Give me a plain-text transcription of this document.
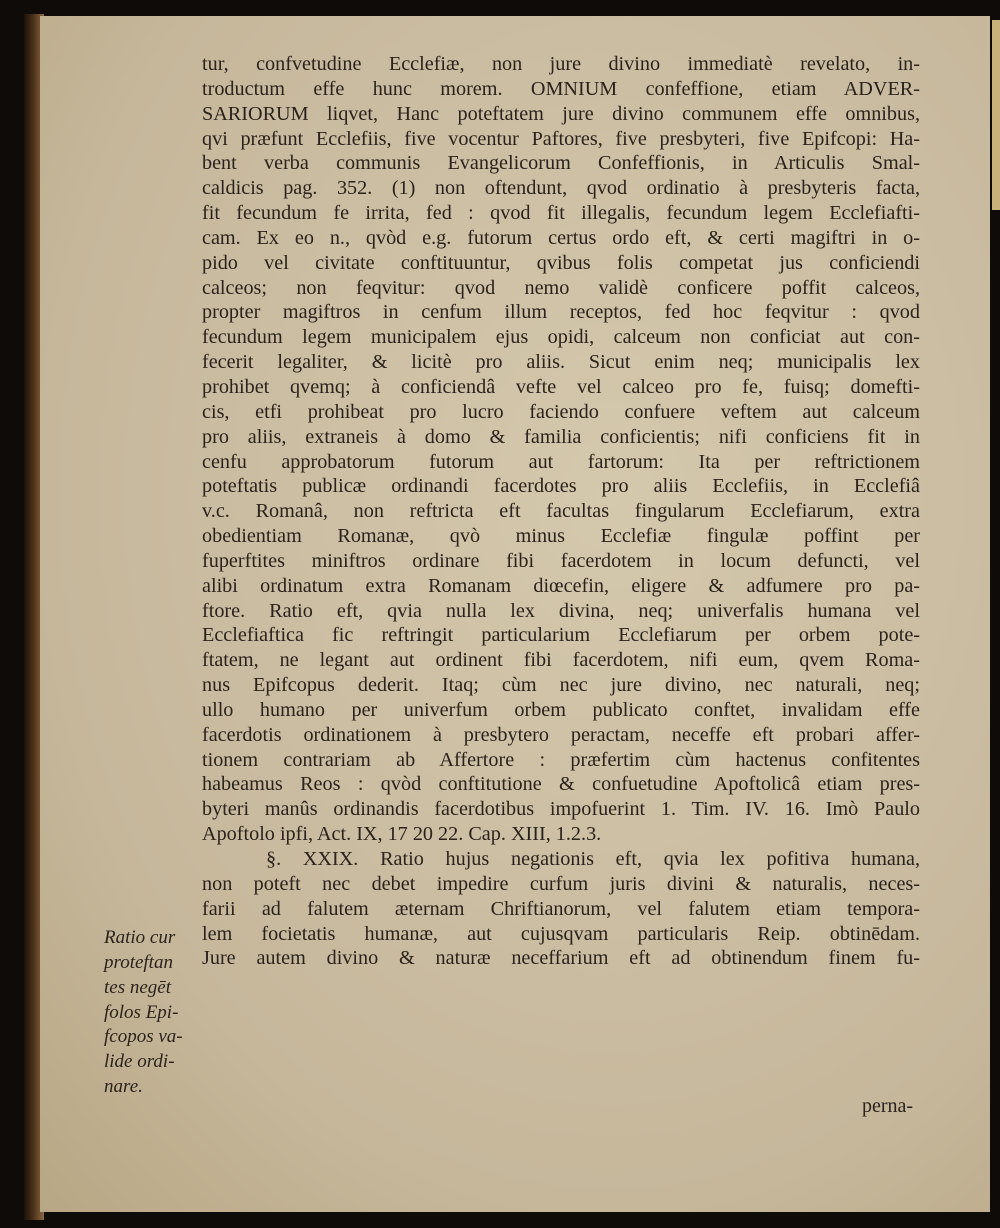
tur, confvetudine Ecclefiæ, non jure divino immediatè revelato, in-
troductum effe hunc morem. OMNIUM confeffione, etiam ADVER-
SARIORUM liqvet, Hanc poteftatem jure divino communem effe omnibus,
qvi præfunt Ecclefiis, five vocentur Paftores, five presbyteri, five Epifcopi: Ha-
bent verba communis Evangelicorum Confeffionis, in Articulis Smal-
caldicis pag. 352. (1) non oftendunt, qvod ordinatio à presbyteris facta,
fit fecundum fe irrita, fed : qvod fit illegalis, fecundum legem Ecclefiafti-
cam. Ex eo n., qvòd e.g. futorum certus ordo eft, & certi magiftri in o-
pido vel civitate conftituuntur, qvibus folis competat jus conficiendi
calceos; non feqvitur: qvod nemo validè conficere poffit calceos,
propter magiftros in cenfum illum receptos, fed hoc feqvitur : qvod
fecundum legem municipalem ejus opidi, calceum non conficiat aut con-
fecerit legaliter, & licitè pro aliis. Sicut enim neq; municipalis lex
prohibet qvemq; à conficiendâ vefte vel calceo pro fe, fuisq; domefti-
cis, etfi prohibeat pro lucro faciendo confuere veftem aut calceum
pro aliis, extraneis à domo & familia conficientis; nifi conficiens fit in
cenfu approbatorum futorum aut fartorum: Ita per reftrictionem
poteftatis publicæ ordinandi facerdotes pro aliis Ecclefiis, in Ecclefiâ
v.c. Romanâ, non reftricta eft facultas fingularum Ecclefiarum, extra
obedientiam Romanæ, qvò minus Ecclefiæ fingulæ poffint per
fuperftites miniftros ordinare fibi facerdotem in locum defuncti, vel
alibi ordinatum extra Romanam diœcefin, eligere & adfumere pro pa-
ftore. Ratio eft, qvia nulla lex divina, neq; univerfalis humana vel
Ecclefiaftica fic reftringit particularium Ecclefiarum per orbem pote-
ftatem, ne legant aut ordinent fibi facerdotem, nifi eum, qvem Roma-
nus Epifcopus dederit. Itaq; cùm nec jure divino, nec naturali, neq;
ullo humano per univerfum orbem publicato conftet, invalidam effe
facerdotis ordinationem à presbytero peractam, neceffe eft probari affer-
tionem contrariam ab Affertore : præfertim cùm hactenus confitentes
habeamus Reos : qvòd conftitutione & confuetudine Apoftolicâ etiam pres-
byteri manûs ordinandis facerdotibus impofuerint 1. Tim. IV. 16. Imò Paulo
Apoftolo ipfi, Act. IX, 17 20 22. Cap. XIII, 1.2.3.
§. XXIX. Ratio hujus negationis eft, qvia lex pofitiva humana,
non poteft nec debet impedire curfum juris divini & naturalis, neces-
farii ad falutem æternam Chriftianorum, vel falutem etiam tempora-
lem focietatis humanæ, aut cujusqvam particularis Reip. obtinēdam.
Jure autem divino & naturæ neceffarium eft ad obtinendum finem fu-
Ratio cur
proteftan
tes negēt
folos Epi-
fcopos va-
lide ordi-
nare.
perna-
